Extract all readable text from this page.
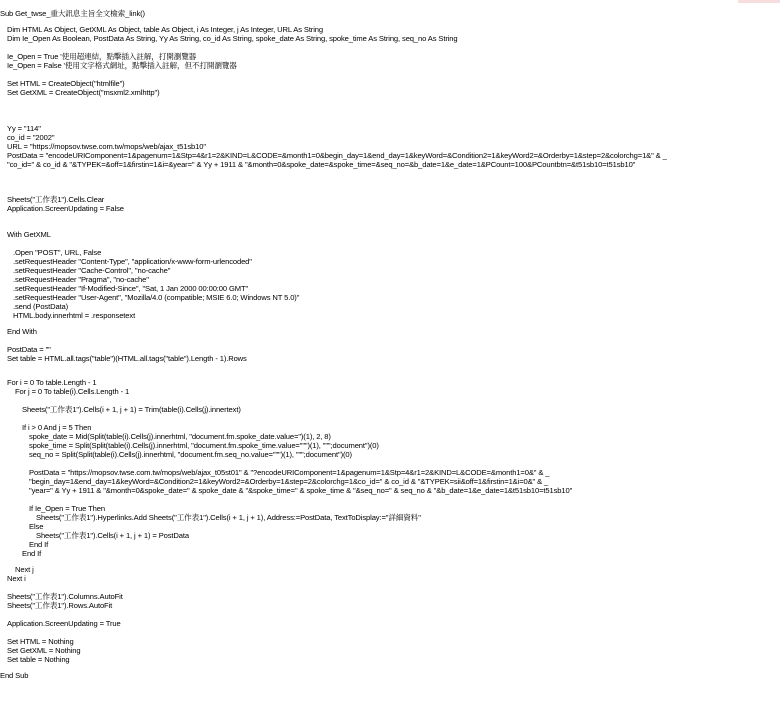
Sub Get_twse_重大訊息主旨全文檢索_link()
Dim HTML As Object, GetXML As Object, table As Object, i As Integer, j As Integer, URL As String
Dim Ie_Open As Boolean, PostData As String, Yy As String, co_id As String, spoke_date As String, spoke_time As String, seq_no As String
Ie_Open = True '使用超連結，點擊插入註解，打開瀏覽器
Ie_Open = False '使用文字格式網址，點擊插入註解，但不打開瀏覽器
Set HTML = CreateObject("htmlfile")
Set GetXML = CreateObject("msxml2.xmlhttp")
Yy = "114"
co_id = "2002"
URL = "https://mopsov.twse.com.tw/mops/web/ajax_t51sb10"
PostData = "encodeURIComponent=1&pagenum=1&Stp=4&r1=2&KIND=L&CODE=&month1=0&begin_day=1&end_day=1&keyWord=&Condition2=1&keyWord2=&Orderby=1&step=2&colorchg=1&" & _
"co_id=" & co_id & "&TYPEK=&off=1&firstin=1&i=&year=" & Yy + 1911 & "&month=0&spoke_date=&spoke_time=&seq_no=&b_date=1&e_date=1&PCount=100&PCountbtn=&t51sb10=t51sb10"
Sheets("工作表1").Cells.Clear
Application.ScreenUpdating = False
With GetXML
.Open "POST", URL, False
.setRequestHeader "Content-Type", "application/x-www-form-urlencoded"
.setRequestHeader "Cache-Control", "no-cache"
.setRequestHeader "Pragma", "no-cache"
.setRequestHeader "If-Modified-Since", "Sat, 1 Jan 2000 00:00:00 GMT"
.setRequestHeader "User-Agent", "Mozilla/4.0 (compatible; MSIE 6.0; Windows NT 5.0)"
.send (PostData)
HTML.body.innerhtml = .responsetext
End With
PostData = ""
Set table = HTML.all.tags("table")(HTML.all.tags("table").Length - 1).Rows
For i = 0 To table.Length - 1
For j = 0 To table(i).Cells.Length - 1
Sheets("工作表1").Cells(i + 1, j + 1) = Trim(table(i).Cells(j).innertext)
If i > 0 And j = 5 Then
spoke_date = Mid(Split(table(i).Cells(j).innerhtml, "document.fm.spoke_date.value=")(1), 2, 8)
spoke_time = Split(Split(table(i).Cells(j).innerhtml, "document.fm.spoke_time.value=""")(1), """;document")(0)
seq_no = Split(Split(table(i).Cells(j).innerhtml, "document.fm.seq_no.value=""")(1), """;document")(0)
PostData = "https://mopsov.twse.com.tw/mops/web/ajax_t05st01" & "?encodeURIComponent=1&pagenum=1&Stp=4&r1=2&KIND=L&CODE=&month1=0&" & _
"begin_day=1&end_day=1&keyWord=&Condition2=1&keyWord2=&Orderby=1&step=2&colorchg=1&co_id=" & co_id & "&TYPEK=sii&off=1&firstin=1&i=0&" & _
"year=" & Yy + 1911 & "&month=0&spoke_date=" & spoke_date & "&spoke_time=" & spoke_time & "&seq_no=" & seq_no & "&b_date=1&e_date=1&t51sb10=t51sb10"
If Ie_Open = True Then
Sheets("工作表1").Hyperlinks.Add Sheets("工作表1").Cells(i + 1, j + 1), Address:=PostData, TextToDisplay:="詳細資料"
Else
Sheets("工作表1").Cells(i + 1, j + 1) = PostData
End If
End If
Next j
Next i
Sheets("工作表1").Columns.AutoFit
Sheets("工作表1").Rows.AutoFit
Application.ScreenUpdating = True
Set HTML = Nothing
Set GetXML = Nothing
Set table = Nothing
End Sub
